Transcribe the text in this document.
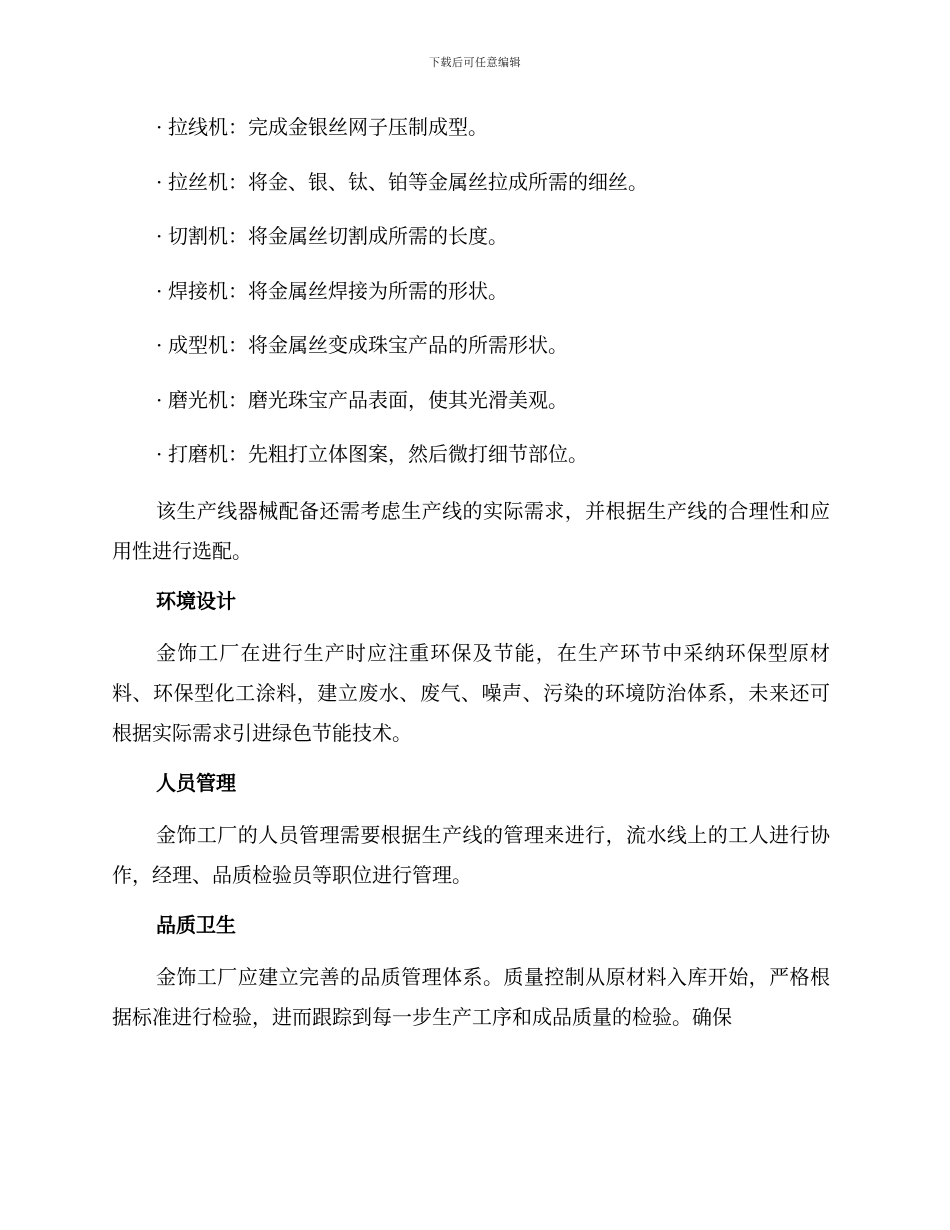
下载后可任意编辑
· 拉线机：完成金银丝网子压制成型。
· 拉丝机：将金、银、钛、铂等金属丝拉成所需的细丝。
· 切割机：将金属丝切割成所需的长度。
· 焊接机：将金属丝焊接为所需的形状。
· 成型机：将金属丝变成珠宝产品的所需形状。
· 磨光机：磨光珠宝产品表面，使其光滑美观。
· 打磨机：先粗打立体图案，然后微打细节部位。

该生产线器械配备还需考虑生产线的实际需求，并根据生产线的合理性和应用性进行选配。

环境设计

金饰工厂在进行生产时应注重环保及节能，在生产环节中采纳环保型原材料、环保型化工涂料，建立废水、废气、噪声、污染的环境防治体系，未来还可根据实际需求引进绿色节能技术。

人员管理

金饰工厂的人员管理需要根据生产线的管理来进行，流水线上的工人进行协作，经理、品质检验员等职位进行管理。

品质卫生

金饰工厂应建立完善的品质管理体系。质量控制从原材料入库开始，严格根据标准进行检验，进而跟踪到每一步生产工序和成品质量的检验。确保
